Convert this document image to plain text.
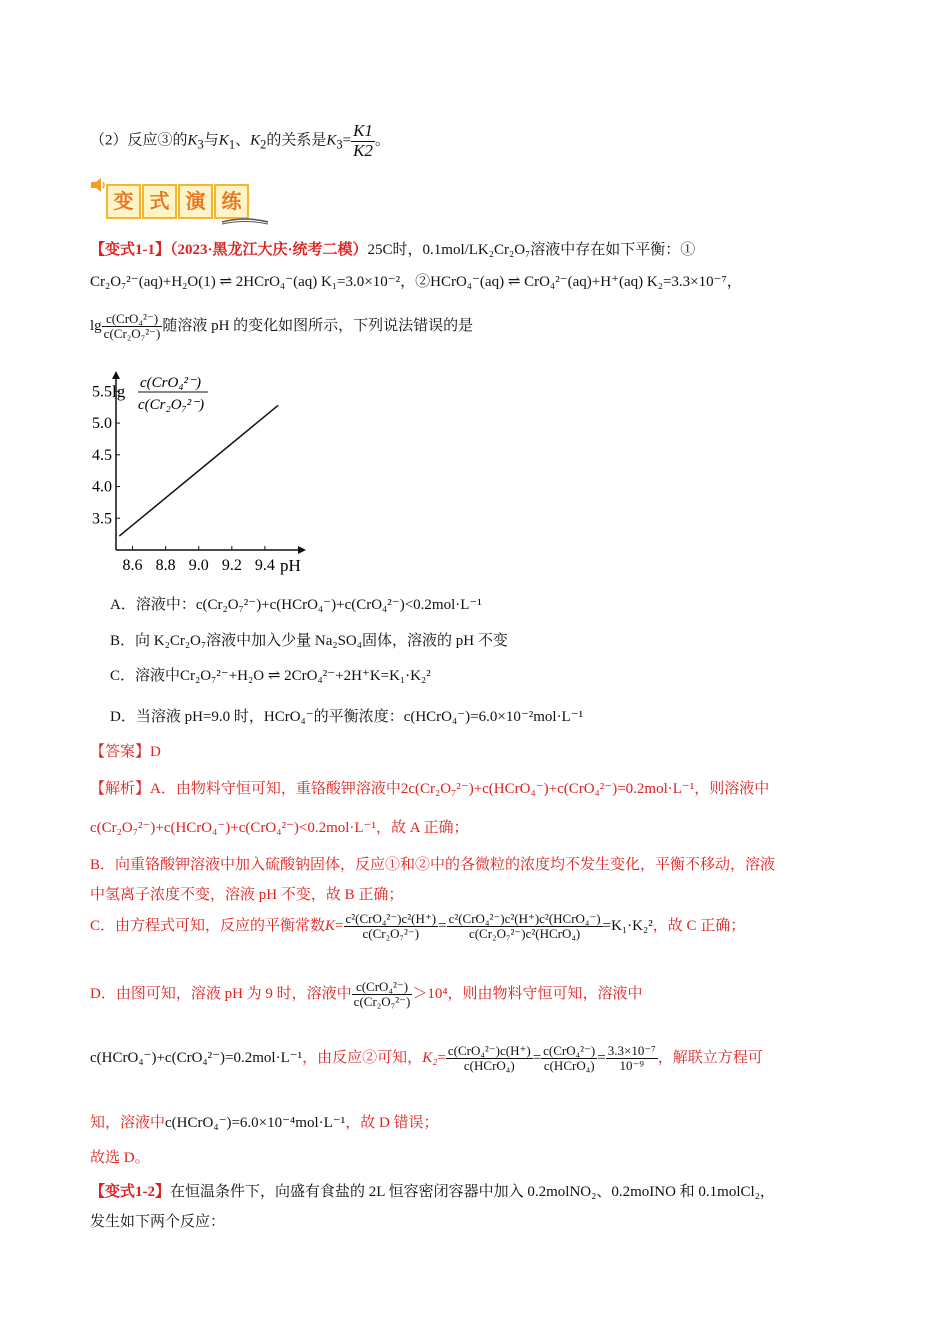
（2）反应③的$K_3$与$K_1$、$K_2$的关系是$K_3= \frac{K1}{K2}$ 。
变 式 演 练
【变式1-1】（2023·黑龙江大庆·统考二模）25C时，0.1mol/LK₂Cr₂O₇溶液中存在如下平衡：①
Cr₂O₇²⁻(aq)+H₂O(1) ⇌ 2HCrO₄⁻(aq) K₁=3.0×10⁻²，②HCrO₄⁻(aq) ⇌ CrO₄²⁻(aq)+H⁺(aq) K₂=3.3×10⁻⁷，
$\lg \frac{\text{c(CrO₄²⁻)}}{\text{c(Cr₂O₇²⁻)}}$ 随溶液 pH 的变化如图所示，下列说法错误的是
lg c(CrO₄²⁻)
c(Cr₂O₇²⁻)
pH
8.6 8.8 9.0 9.2 9.4
3.5
4.0
4.5
5.0
5.5
A．溶液中：c(Cr₂O₇²⁻)+c(HCrO₄⁻)+c(CrO₄²⁻)<0.2mol·L⁻¹
B．向 K₂Cr₂O₇溶液中加入少量 Na₂SO₄固体，溶液的 pH 不变
C．溶液中Cr₂O₇²⁻+H₂O ⇌ 2CrO₄²⁻+2H⁺K=K₁·K₂²
D．当溶液 pH=9.0 时，HCrO₄⁻的平衡浓度：c(HCrO₄⁻)=6.0×10⁻²mol·L⁻¹
【答案】D
【解析】A．由物料守恒可知，重铬酸钾溶液中2c(Cr₂O₇²⁻)+c(HCrO₄⁻)+c(CrO₄²⁻)=0.2mol·L⁻¹，则溶液中
c(Cr₂O₇²⁻)+c(HCrO₄⁻)+c(CrO₄²⁻)<0.2mol·L⁻¹，故 A 正确；
B．向重铬酸钾溶液中加入硫酸钠固体，反应①和②中的各微粒的浓度均不发生变化，平衡不移动，溶液
中氢离子浓度不变，溶液 pH 不变，故 B 正确；
C．由方程式可知，反应的平衡常数$K= \frac{\text{c²(CrO₄²⁻)c²(H⁺)}}{\text{c(Cr₂O₇²⁻)}} = \frac{\text{c²(CrO₄²⁻)c²(H⁺)c²(HCrO₄⁻)}}{\text{c(Cr₂O₇²⁻)c²(HCrO₄)}} =K_1\cdot K_2^2$，故 C 正确；
D．由图可知，溶液 pH 为 9 时，溶液中 $\frac{\text{c(CrO₄²⁻)}}{\text{c(Cr₂O₇²⁻)}} >10^4$，则由物料守恒可知，溶液中
c(HCrO₄⁻)+c(CrO₄²⁻)=0.2mol·L⁻¹，由反应②可知，$K_2= \frac{\text{c(CrO₄²⁻)c(H⁺)}}{\text{c(HCrO₄)}} = \frac{\text{c(CrO₄²⁻)}}{\text{c(HCrO₄)}} = \frac{\text{3.3×10⁻⁷}}{\text{10⁻⁹}}$ ，解联立方程可
知，溶液中c(HCrO₄⁻)=6.0×10⁻⁴mol·L⁻¹，故 D 错误；
故选 D。
【变式1-2】在恒温条件下，向盛有食盐的 2L 恒容密闭容器中加入 0.2molNO₂、0.2moINO 和 0.1molCl₂，
发生如下两个反应：
